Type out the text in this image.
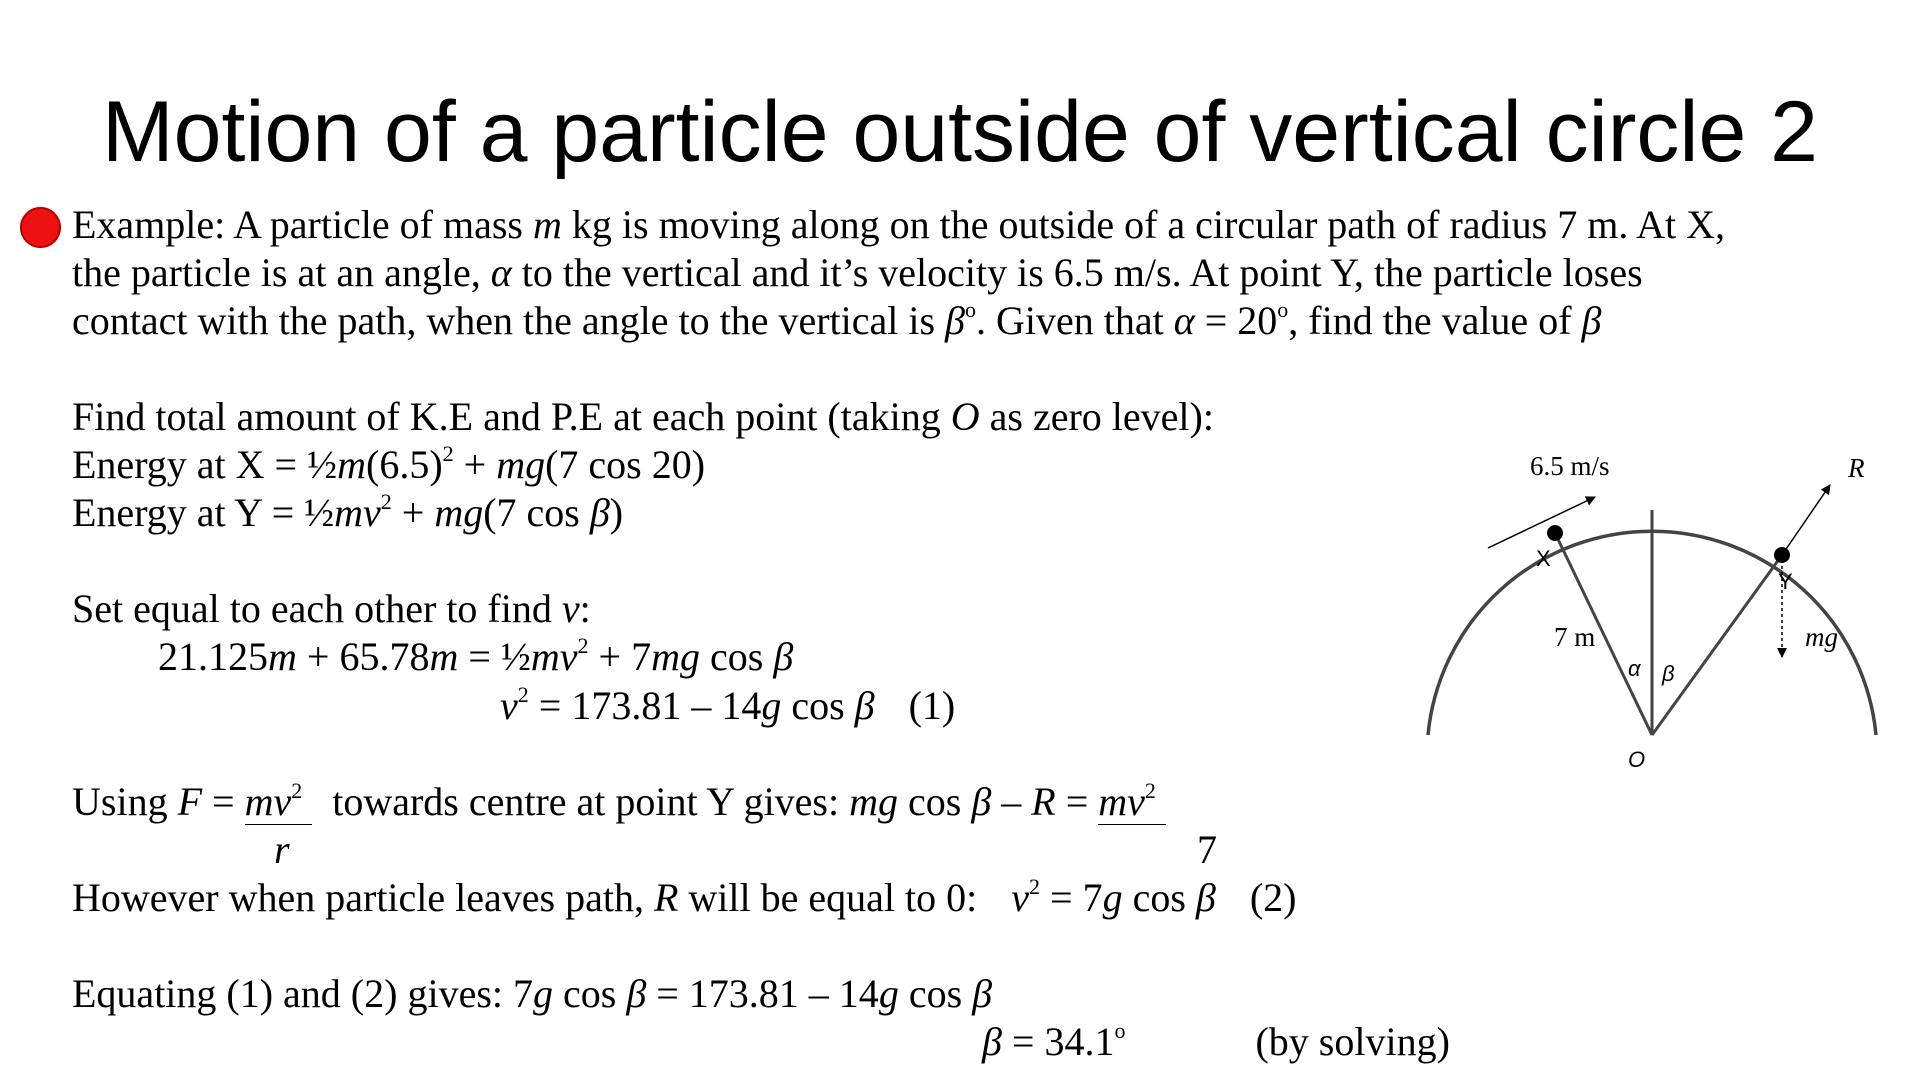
Motion of a particle outside of vertical circle 2
Example: A particle of mass m kg is moving along on the outside of a circular path of radius 7 m. At X,
the particle is at an angle, α to the vertical and it’s velocity is 6.5 m/s. At point Y, the particle loses
contact with the path, when the angle to the vertical is $\beta^o$. Given that $\alpha = 20^o$, find the value of β
Find total amount of K.E and P.E at each point (taking O as zero level):
Energy at $X = \frac{1}{2}m(6.5)^2 + mg(7$ cos 20)
Energy at $Y = \frac{1}{2}mv^2 + mg(7$ cos β)
Set equal to each other to find v:
$21.125m + 65.78m = \frac{1}{2}mv^2 + 7mg$ cos β
$v^2 = 173.81 - 14g$ cos β (1)
Using $F = mv^2$   towards centre at point Y gives: mg $\cos \beta - R = mv^2$
r	7
However when particle leaves path, R will be equal to 0: $v^2 = 7g$ cos β (2)
Equating (1) and (2) gives: 7g cos β = 173.81 – 14g cos β
$\beta = 34.1^o$	(by solving)
6.5 m/s	R
X
Y
7 m	mg
α β
O
